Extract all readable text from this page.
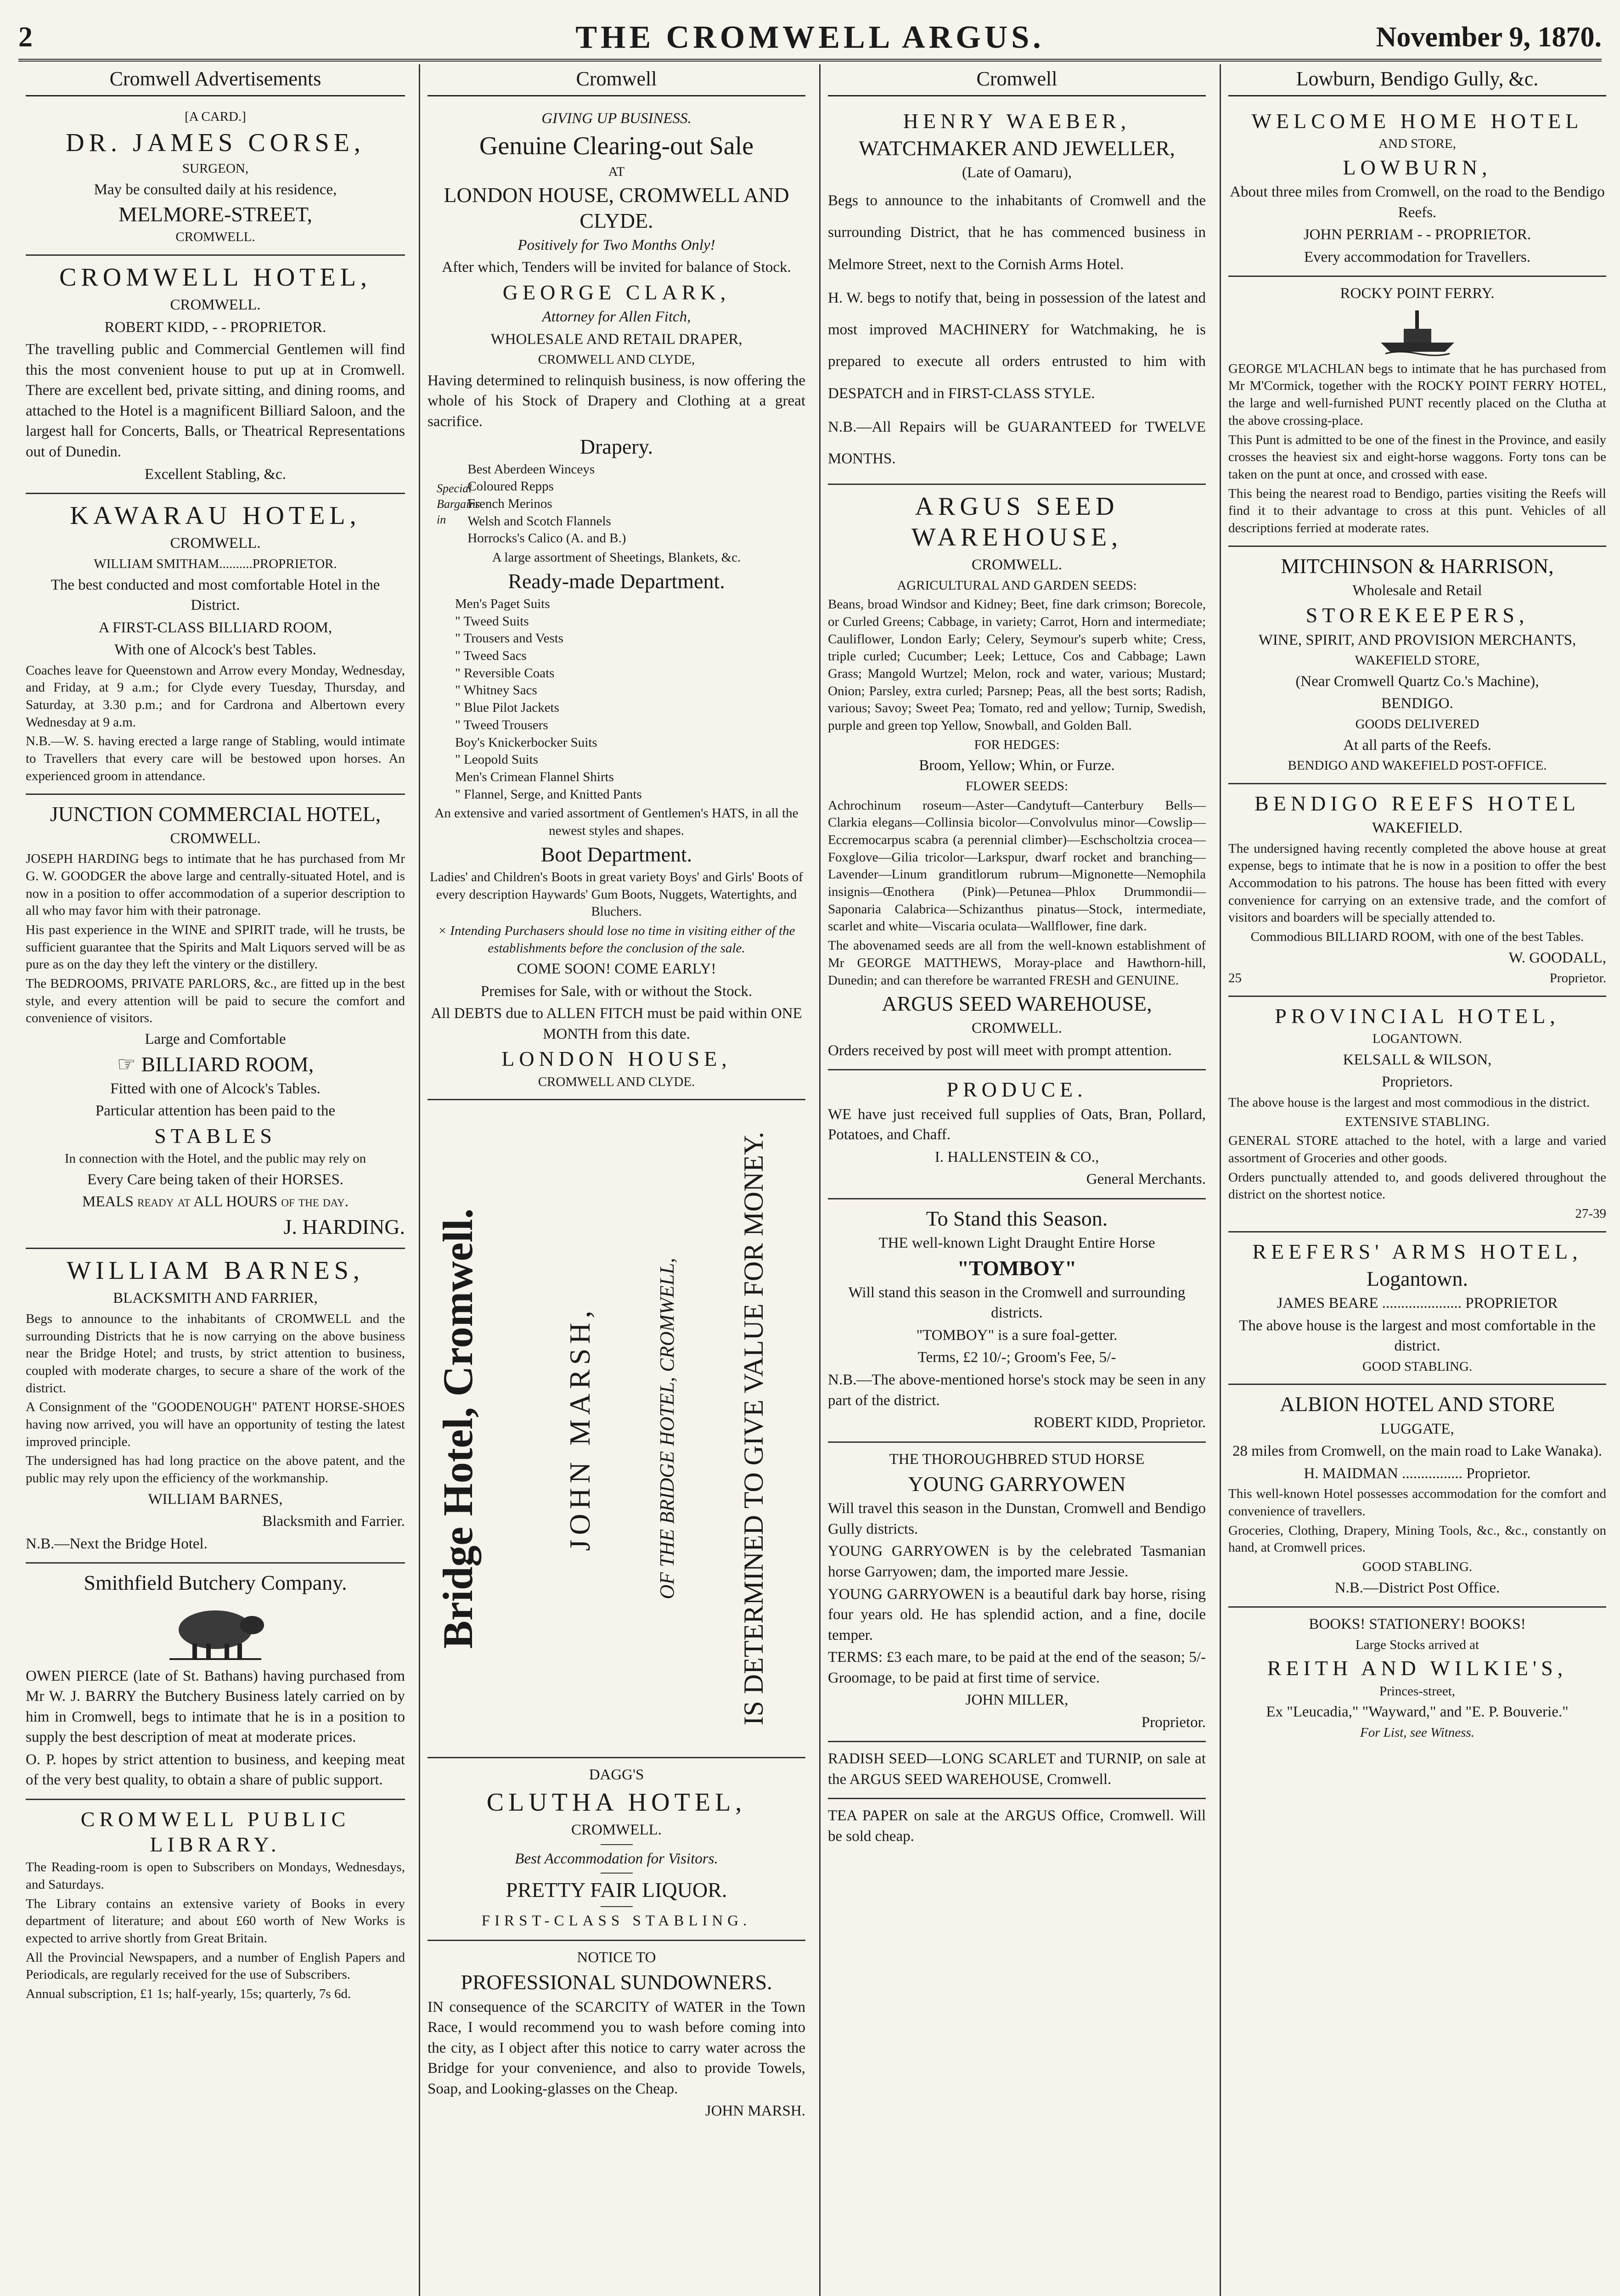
2	THE CROMWELL ARGUS.	November 9, 1870.
Cromwell Advertisements

[A CARD.]

DR. JAMES CORSE,

SURGEON,

May be consulted daily at his residence,

MELMORE-STREET,

CROMWELL.

CROMWELL HOTEL,

CROMWELL.

ROBERT KIDD, - - PROPRIETOR.

The travelling public and Commercial Gentlemen will find this the most convenient house to put up at in Cromwell. There are excellent bed, private sitting, and dining rooms, and attached to the Hotel is a magnificent Billiard Saloon, and the largest hall for Concerts, Balls, or Theatrical Representations out of Dunedin.

Excellent Stabling, &c.

KAWARAU HOTEL,

CROMWELL.

WILLIAM SMITHAM..........PROPRIETOR.

The best conducted and most comfortable Hotel in the District.

A FIRST-CLASS BILLIARD ROOM,

With one of Alcock's best Tables.

Coaches leave for Queenstown and Arrow every Monday, Wednesday, and Friday, at 9 a.m.; for Clyde every Tuesday, Thursday, and Saturday, at 3.30 p.m.; and for Cardrona and Albertown every Wednesday at 9 a.m.

N.B.—W. S. having erected a large range of Stabling, would intimate to Travellers that every care will be bestowed upon horses. An experienced groom in attendance.

JUNCTION COMMERCIAL HOTEL,

CROMWELL.

JOSEPH HARDING begs to intimate that he has purchased from Mr G. W. GOODGER the above large and centrally-situated Hotel, and is now in a position to offer accommodation of a superior description to all who may favor him with their patronage.

His past experience in the WINE and SPIRIT trade, will he trusts, be sufficient guarantee that the Spirits and Malt Liquors served will be as pure as on the day they left the vintery or the distillery.

The BEDROOMS, PRIVATE PARLORS, &c., are fitted up in the best style, and every attention will be paid to secure the comfort and convenience of visitors.

Large and Comfortable

☞ BILLIARD ROOM,

Fitted with one of Alcock's Tables.

Particular attention has been paid to the

STABLES

In connection with the Hotel, and the public may rely on

Every Care being taken of their HORSES.

MEALS ready at ALL HOURS of the day.

J. HARDING.

WILLIAM BARNES,

BLACKSMITH AND FARRIER,

Begs to announce to the inhabitants of CROMWELL and the surrounding Districts that he is now carrying on the above business near the Bridge Hotel; and trusts, by strict attention to business, coupled with moderate charges, to secure a share of the work of the district.

A Consignment of the "GOODENOUGH" PATENT HORSE-SHOES having now arrived, you will have an opportunity of testing the latest improved principle.

The undersigned has had long practice on the above patent, and the public may rely upon the efficiency of the workmanship.

WILLIAM BARNES,

Blacksmith and Farrier.

N.B.—Next the Bridge Hotel.

Smithfield Butchery Company.

OWEN PIERCE (late of St. Bathans) having purchased from Mr W. J. BARRY the Butchery Business lately carried on by him in Cromwell, begs to intimate that he is in a position to supply the best description of meat at moderate prices.

O. P. hopes by strict attention to business, and keeping meat of the very best quality, to obtain a share of public support.

CROMWELL PUBLIC LIBRARY.

The Reading-room is open to Subscribers on Mondays, Wednesdays, and Saturdays.

The Library contains an extensive variety of Books in every department of literature; and about £60 worth of New Works is expected to arrive shortly from Great Britain.

All the Provincial Newspapers, and a number of English Papers and Periodicals, are regularly received for the use of Subscribers.

Annual subscription, £1 1s; half-yearly, 15s; quarterly, 7s 6d.

Cromwell

GIVING UP BUSINESS.

Genuine Clearing-out Sale

AT

LONDON HOUSE, CROMWELL AND CLYDE.

Positively for Two Months Only!

After which, Tenders will be invited for balance of Stock.

GEORGE CLARK,

Attorney for Allen Fitch,

WHOLESALE AND RETAIL DRAPER,

CROMWELL AND CLYDE,

Having determined to relinquish business, is now offering the whole of his Stock of Drapery and Clothing at a great sacrifice.

Drapery.

Special Bargains in
Best Aberdeen Winceys
Coloured Repps
French Merinos
Welsh and Scotch Flannels
Horrocks's Calico (A. and B.)

A large assortment of Sheetings, Blankets, &c.

Ready-made Department.

Men's Paget Suits
" Tweed Suits
" Trousers and Vests
" Tweed Sacs
" Reversible Coats
" Whitney Sacs
" Blue Pilot Jackets
" Tweed Trousers
Boy's Knickerbocker Suits
" Leopold Suits
Men's Crimean Flannel Shirts
" Flannel, Serge, and Knitted Pants

An extensive and varied assortment of Gentlemen's HATS, in all the newest styles and shapes.

Boot Department.

Ladies' and Children's Boots in great variety Boys' and Girls' Boots of every description Haywards' Gum Boots, Nuggets, Watertights, and Bluchers.

× Intending Purchasers should lose no time in visiting either of the establishments before the conclusion of the sale.

COME SOON! COME EARLY!

Premises for Sale, with or without the Stock.

All DEBTS due to ALLEN FITCH must be paid within ONE MONTH from this date.

LONDON HOUSE,

CROMWELL AND CLYDE.

Bridge Hotel, Cromwell.	JOHN MARSH,	OF THE BRIDGE HOTEL, CROMWELL, IS DETERMINED TO GIVE VALUE FOR MONEY.

DAGG'S

CLUTHA HOTEL,

CROMWELL.

Best Accommodation for Visitors.

PRETTY FAIR LIQUOR.

FIRST-CLASS STABLING.

NOTICE TO

PROFESSIONAL SUNDOWNERS.

IN consequence of the SCARCITY of WATER in the Town Race, I would recommend you to wash before coming into the city, as I object after this notice to carry water across the Bridge for your convenience, and also to provide Towels, Soap, and Looking-glasses on the Cheap.

JOHN MARSH.

Cromwell

HENRY WAEBER,

WATCHMAKER AND JEWELLER,

(Late of Oamaru),

Begs to announce to the inhabitants of Cromwell and the surrounding District, that he has commenced business in Melmore Street, next to the Cornish Arms Hotel.

H. W. begs to notify that, being in possession of the latest and most improved MACHINERY for Watchmaking, he is prepared to execute all orders entrusted to him with DESPATCH and in FIRST-CLASS STYLE.

N.B.—All Repairs will be GUARANTEED for TWELVE MONTHS.

ARGUS SEED WAREHOUSE,

CROMWELL.

AGRICULTURAL AND GARDEN SEEDS:

Beans, broad Windsor and Kidney; Beet, fine dark crimson; Borecole, or Curled Greens; Cabbage, in variety; Carrot, Horn and intermediate; Cauliflower, London Early; Celery, Seymour's superb white; Cress, triple curled; Cucumber; Leek; Lettuce, Cos and Cabbage; Lawn Grass; Mangold Wurtzel; Melon, rock and water, various; Mustard; Onion; Parsley, extra curled; Parsnep; Peas, all the best sorts; Radish, various; Savoy; Sweet Pea; Tomato, red and yellow; Turnip, Swedish, purple and green top Yellow, Snowball, and Golden Ball.

FOR HEDGES:

Broom, Yellow; Whin, or Furze.

FLOWER SEEDS:

Achrochinum roseum—Aster—Candytuft—Canterbury Bells—Clarkia elegans—Collinsia bicolor—Convolvulus minor—Cowslip—Eccremocarpus scabra (a perennial climber)—Eschscholtzia crocea—Foxglove—Gilia tricolor—Larkspur, dwarf rocket and branching—Lavender—Linum granditlorum rubrum—Mignonette—Nemophila insignis—Œnothera (Pink)—Petunea—Phlox Drummondii—Saponaria Calabrica—Schizanthus pinatus—Stock, intermediate, scarlet and white—Viscaria oculata—Wallflower, fine dark.

The abovenamed seeds are all from the well-known establishment of Mr GEORGE MATTHEWS, Moray-place and Hawthorn-hill, Dunedin; and can therefore be warranted FRESH and GENUINE.

ARGUS SEED WAREHOUSE,

CROMWELL.

Orders received by post will meet with prompt attention.

PRODUCE.

WE have just received full supplies of Oats, Bran, Pollard, Potatoes, and Chaff.

I. HALLENSTEIN & CO.,

General Merchants.

To Stand this Season.

THE well-known Light Draught Entire Horse

"TOMBOY"

Will stand this season in the Cromwell and surrounding districts.

"TOMBOY" is a sure foal-getter.

Terms, £2 10/-; Groom's Fee, 5/-

N.B.—The above-mentioned horse's stock may be seen in any part of the district.

ROBERT KIDD, Proprietor.

THE THOROUGHBRED STUD HORSE

YOUNG GARRYOWEN

Will travel this season in the Dunstan, Cromwell and Bendigo Gully districts.

YOUNG GARRYOWEN is by the celebrated Tasmanian horse Garryowen; dam, the imported mare Jessie.

YOUNG GARRYOWEN is a beautiful dark bay horse, rising four years old. He has splendid action, and a fine, docile temper.

TERMS: £3 each mare, to be paid at the end of the season; 5/- Groomage, to be paid at first time of service.

JOHN MILLER,

Proprietor.

RADISH SEED—LONG SCARLET and TURNIP, on sale at the ARGUS SEED WAREHOUSE, Cromwell.

TEA PAPER on sale at the ARGUS Office, Cromwell. Will be sold cheap.

Lowburn, Bendigo Gully, &c.

WELCOME HOME HOTEL

AND STORE,

LOWBURN,

About three miles from Cromwell, on the road to the Bendigo Reefs.

JOHN PERRIAM - - PROPRIETOR.

Every accommodation for Travellers.

ROCKY POINT FERRY.

GEORGE M'LACHLAN begs to intimate that he has purchased from Mr M'Cormick, together with the ROCKY POINT FERRY HOTEL, the large and well-furnished PUNT recently placed on the Clutha at the above crossing-place.

This Punt is admitted to be one of the finest in the Province, and easily crosses the heaviest six and eight-horse waggons. Forty tons can be taken on the punt at once, and crossed with ease.

This being the nearest road to Bendigo, parties visiting the Reefs will find it to their advantage to cross at this punt. Vehicles of all descriptions ferried at moderate rates.

MITCHINSON & HARRISON,

Wholesale and Retail

STOREKEEPERS,

WINE, SPIRIT, AND PROVISION MERCHANTS,

WAKEFIELD STORE,

(Near Cromwell Quartz Co.'s Machine),

BENDIGO.

GOODS DELIVERED

At all parts of the Reefs.

BENDIGO AND WAKEFIELD POST-OFFICE.

BENDIGO REEFS HOTEL

WAKEFIELD.

The undersigned having recently completed the above house at great expense, begs to intimate that he is now in a position to offer the best Accommodation to his patrons. The house has been fitted with every convenience for carrying on an extensive trade, and the comfort of visitors and boarders will be specially attended to.

Commodious BILLIARD ROOM, with one of the best Tables.

W. GOODALL,

25	Proprietor.

PROVINCIAL HOTEL,

LOGANTOWN.

KELSALL & WILSON,

Proprietors.

The above house is the largest and most commodious in the district.

EXTENSIVE STABLING.

GENERAL STORE attached to the hotel, with a large and varied assortment of Groceries and other goods.

Orders punctually attended to, and goods delivered throughout the district on the shortest notice.

27-39

REEFERS' ARMS HOTEL,

Logantown.

JAMES BEARE ..................... PROPRIETOR

The above house is the largest and most comfortable in the district.

GOOD STABLING.

ALBION HOTEL AND STORE

LUGGATE,

28 miles from Cromwell, on the main road to Lake Wanaka).

H. MAIDMAN ................ Proprietor.

This well-known Hotel possesses accommodation for the comfort and convenience of travellers.

Groceries, Clothing, Drapery, Mining Tools, &c., &c., constantly on hand, at Cromwell prices.

GOOD STABLING.

N.B.—District Post Office.

BOOKS! STATIONERY! BOOKS!

Large Stocks arrived at

REITH AND WILKIE'S,

Princes-street,

Ex "Leucadia," "Wayward," and "E. P. Bouverie."

For List, see Witness.
